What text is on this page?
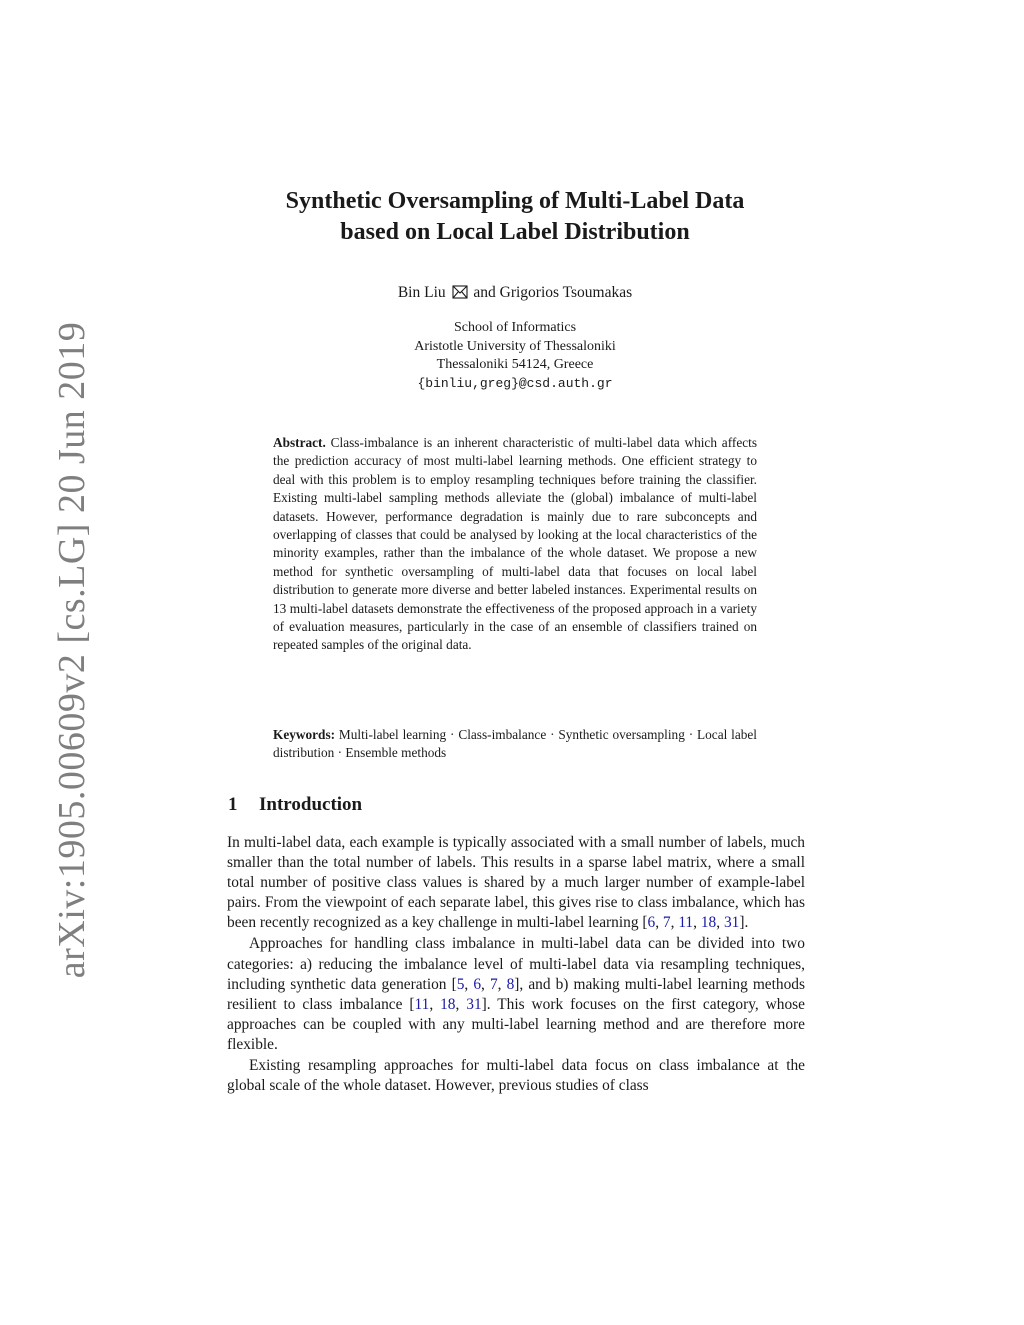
arXiv:1905.00609v2 [cs.LG] 20 Jun 2019
Synthetic Oversampling of Multi-Label Data
based on Local Label Distribution
Bin Liu and Grigorios Tsoumakas
School of Informatics
Aristotle University of Thessaloniki
Thessaloniki 54124, Greece
{binliu,greg}@csd.auth.gr
Abstract. Class-imbalance is an inherent characteristic of multi-label data which affects the prediction accuracy of most multi-label learning methods. One efficient strategy to deal with this problem is to employ resampling techniques before training the classifier. Existing multi-label sampling methods alleviate the (global) imbalance of multi-label datasets. However, performance degradation is mainly due to rare subconcepts and overlapping of classes that could be analysed by looking at the local characteristics of the minority examples, rather than the imbalance of the whole dataset. We propose a new method for synthetic oversampling of multi-label data that focuses on local label distribution to generate more diverse and better labeled instances. Experimental results on 13 multi-label datasets demonstrate the effectiveness of the proposed approach in a variety of evaluation measures, particularly in the case of an ensemble of classifiers trained on repeated samples of the original data.
Keywords: Multi-label learning · Class-imbalance · Synthetic oversampling · Local label distribution · Ensemble methods
1 Introduction

In multi-label data, each example is typically associated with a small number of labels, much smaller than the total number of labels. This results in a sparse label matrix, where a small total number of positive class values is shared by a much larger number of example-label pairs. From the viewpoint of each separate label, this gives rise to class imbalance, which has been recently recognized as a key challenge in multi-label learning [6, 7, 11, 18, 31].

Approaches for handling class imbalance in multi-label data can be divided into two categories: a) reducing the imbalance level of multi-label data via resampling techniques, including synthetic data generation [5, 6, 7, 8], and b) making multi-label learning methods resilient to class imbalance [11, 18, 31]. This work focuses on the first category, whose approaches can be coupled with any multi-label learning method and are therefore more flexible.

Existing resampling approaches for multi-label data focus on class imbalance at the global scale of the whole dataset. However, previous studies of class
